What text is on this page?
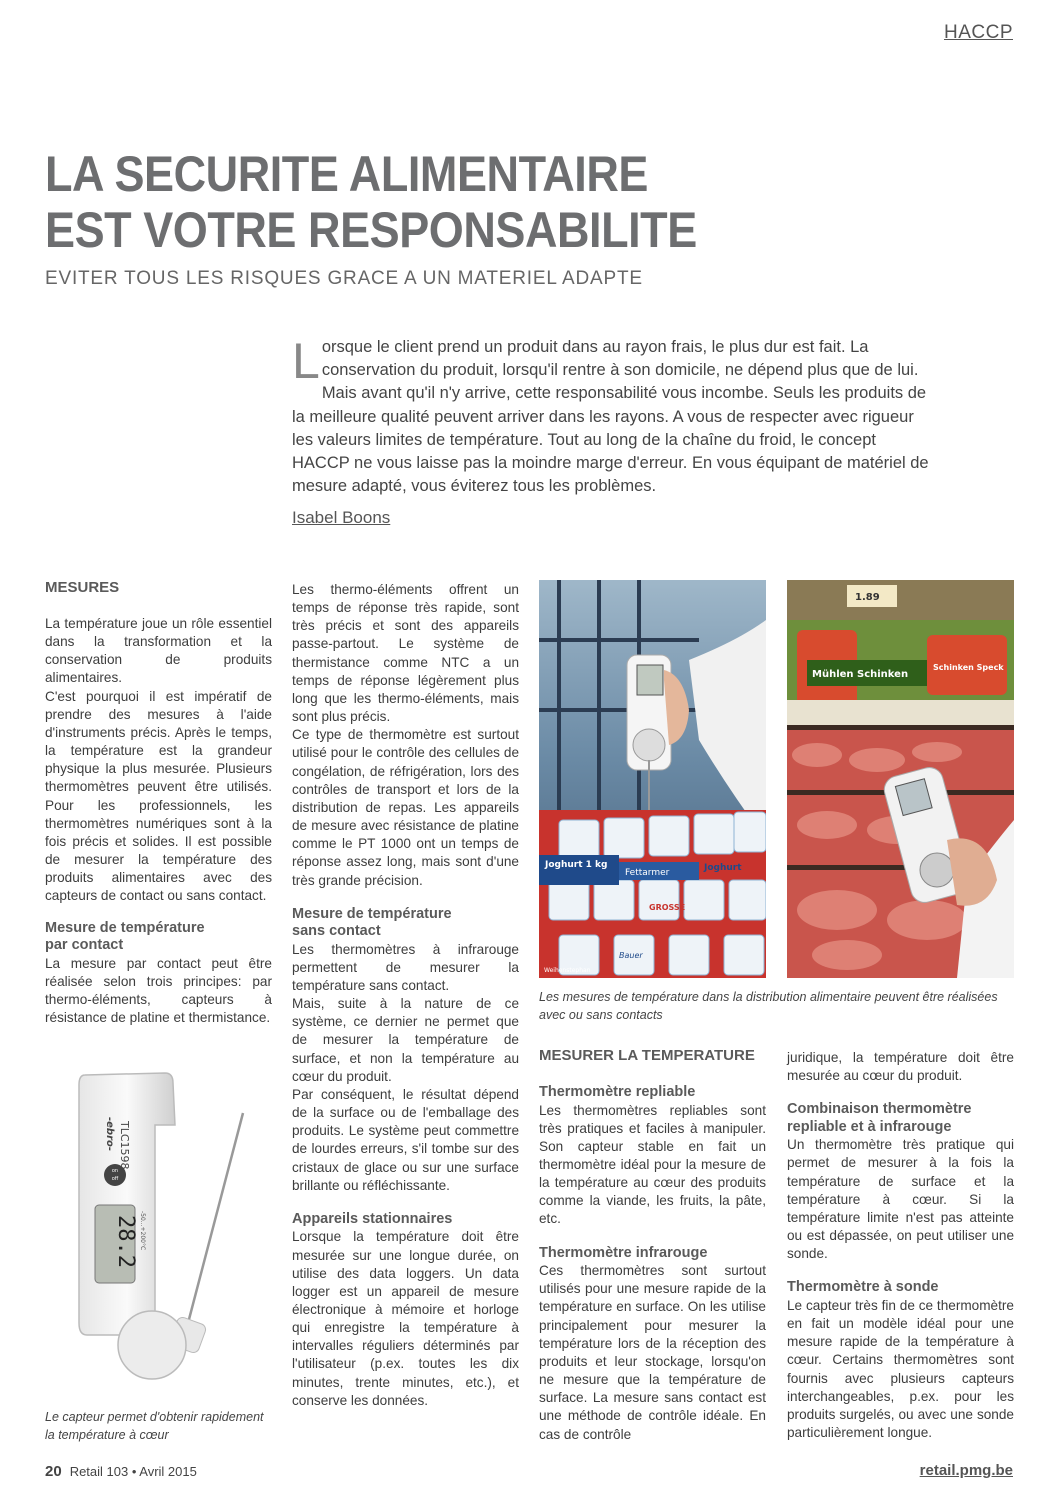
HACCP
LA SECURITE ALIMENTAIRE
EST VOTRE RESPONSABILITE
EVITER TOUS LES RISQUES GRACE A UN MATERIEL ADAPTE
Lorsque le client prend un produit dans au rayon frais, le plus dur est fait. La conservation du produit, lorsqu'il rentre à son domicile, ne dépend plus que de lui. Mais avant qu'il n'y arrive, cette responsabilité vous incombe. Seuls les produits de la meilleure qualité peuvent arriver dans les rayons. A vous de respecter avec rigueur les valeurs limites de température. Tout au long de la chaîne du froid, le concept HACCP ne vous laisse pas la moindre marge d'erreur. En vous équipant de matériel de mesure adapté, vous éviterez tous les problèmes.
Isabel Boons

MESURES

La température joue un rôle essentiel dans la transformation et la conservation de produits alimentaires.

C'est pourquoi il est impératif de prendre des mesures à l'aide d'instruments précis. Après le temps, la température est la grandeur physique la plus mesurée. Plusieurs thermomètres peuvent être utilisés. Pour les professionnels, les thermomètres numériques sont à la fois précis et solides. Il est possible de mesurer la température des produits alimentaires avec des capteurs de contact ou sans contact.

Mesure de température par contact

La mesure par contact peut être réalisée selon trois principes: par thermo-éléments, capteurs à résistance de platine et thermistance.

on
off
-ebro- TLC1598
28.2 -50...+200°C
Le capteur permet d'obtenir rapidement la température à cœur

Les thermo-éléments offrent un temps de réponse très rapide, sont très précis et sont des appareils passe-partout. Le système de thermistance comme NTC a un temps de réponse légèrement plus long que les thermo-éléments, mais sont plus précis.

Ce type de thermomètre est surtout utilisé pour le contrôle des cellules de congélation, de réfrigération, lors des contrôles de transport et lors de la distribution de repas. Les appareils de mesure avec résistance de platine comme le PT 1000 ont un temps de réponse assez long, mais sont d'une très grande précision.

Mesure de température sans contact

Les thermomètres à infrarouge permettent de mesurer la température sans contact.

Mais, suite à la nature de ce système, ce dernier ne permet que de mesurer la température de surface, et non la température au cœur du produit.

Par conséquent, le résultat dépend de la surface ou de l'emballage des produits. Le système peut commettre de lourdes erreurs, s'il tombe sur des cristaux de glace ou sur une surface brillante ou réfléchissante.

Appareils stationnaires

Lorsque la température doit être mesurée sur une longue durée, on utilise des data loggers. Un data logger est un appareil de mesure électronique à mémoire et horloge qui enregistre la température à intervalles réguliers déterminés par l'utilisateur (p.ex. toutes les dix minutes, trente minutes, etc.), et conserve les données.

Joghurt 1 kg
Fettarmer	Joghurt
GROSSE
Bauer
Weihenstephan
1.89
Mühlen Schinken
Schinken Speck
Les mesures de température dans la distribution alimentaire peuvent être réalisées avec ou sans contacts

MESURER LA TEMPERATURE

Thermomètre repliable

Les thermomètres repliables sont très pratiques et faciles à manipuler. Son capteur stable en fait un thermomètre idéal pour la mesure de la température au cœur des produits comme la viande, les fruits, la pâte, etc.

Thermomètre infrarouge

Ces thermomètres sont surtout utilisés pour une mesure rapide de la température en surface. On les utilise principalement pour mesurer la température lors de la réception des produits et leur stockage, lorsqu'on ne mesure que la température de surface. La mesure sans contact est une méthode de contrôle idéale. En cas de contrôle

juridique, la température doit être mesurée au cœur du produit.

Combinaison thermomètre repliable et à infrarouge

Un thermomètre très pratique qui permet de mesurer à la fois la température de surface et la température à cœur. Si la température limite n'est pas atteinte ou est dépassée, on peut utiliser une sonde.

Thermomètre à sonde

Le capteur très fin de ce thermomètre en fait un modèle idéal pour une mesure rapide de la température à cœur. Certains thermomètres sont fournis avec plusieurs capteurs interchangeables, p.ex. pour les produits surgelés, ou avec une sonde particulièrement longue.

20 Retail 103 • Avril 2015	retail.pmg.be
